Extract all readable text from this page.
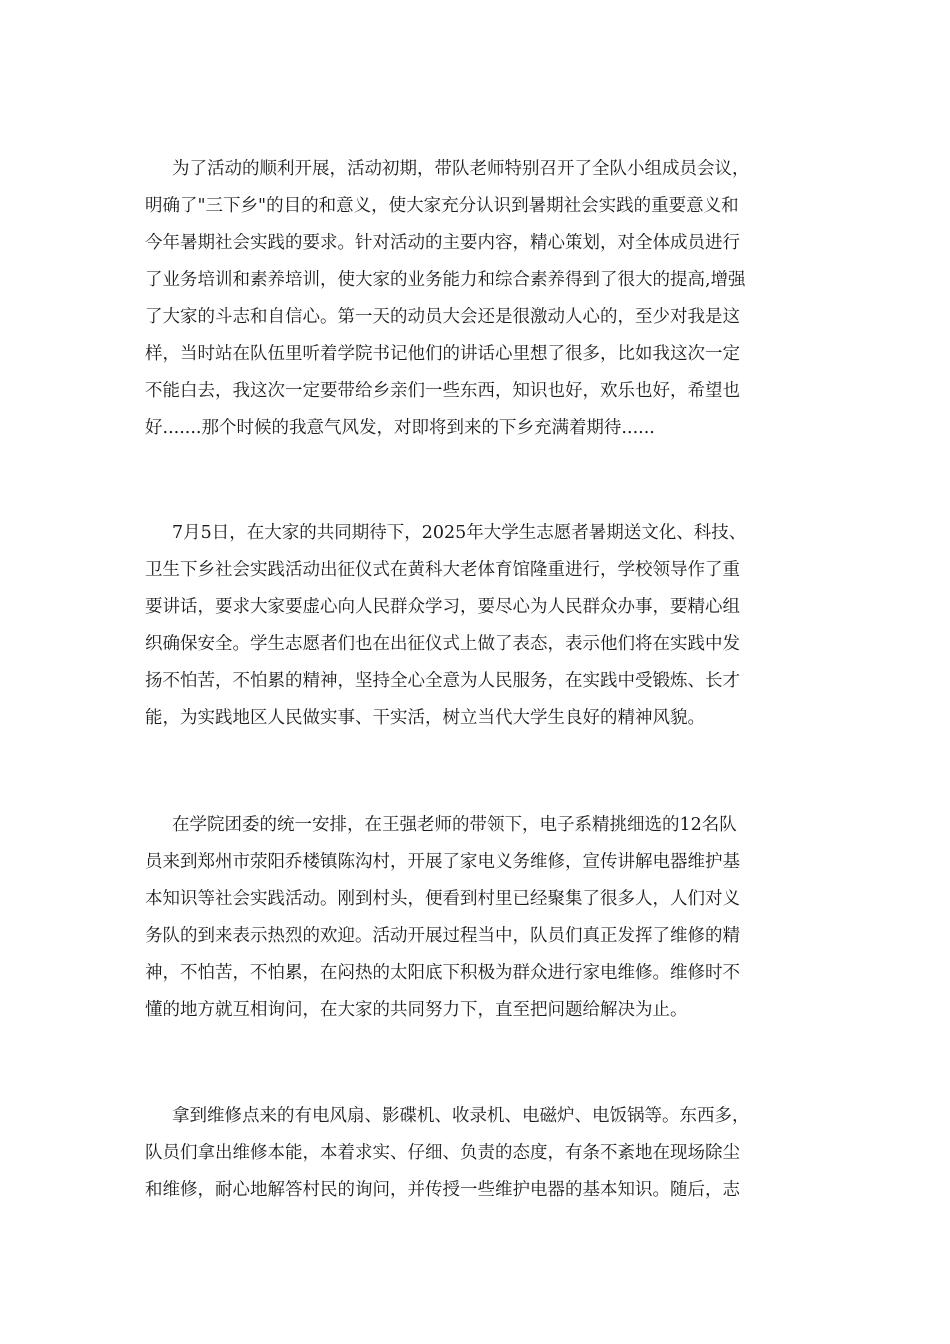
为了活动的顺利开展，活动初期，带队老师特别召开了全队小组成员会议，
明确了"三下乡"的目的和意义，使大家充分认识到暑期社会实践的重要意义和
今年暑期社会实践的要求。针对活动的主要内容，精心策划，对全体成员进行
了业务培训和素养培训，使大家的业务能力和综合素养得到了很大的提高,增强
了大家的斗志和自信心。第一天的动员大会还是很激动人心的，至少对我是这
样，当时站在队伍里听着学院书记他们的讲话心里想了很多，比如我这次一定
不能白去，我这次一定要带给乡亲们一些东西，知识也好，欢乐也好，希望也
好.......那个时候的我意气风发，对即将到来的下乡充满着期待......
7月5日，在大家的共同期待下，2025年大学生志愿者暑期送文化、科技、
卫生下乡社会实践活动出征仪式在黄科大老体育馆隆重进行，学校领导作了重
要讲话，要求大家要虚心向人民群众学习，要尽心为人民群众办事，要精心组
织确保安全。学生志愿者们也在出征仪式上做了表态，表示他们将在实践中发
扬不怕苦，不怕累的精神，坚持全心全意为人民服务，在实践中受锻炼、长才
能，为实践地区人民做实事、干实活，树立当代大学生良好的精神风貌。
在学院团委的统一安排，在王强老师的带领下，电子系精挑细选的12名队
员来到郑州市荥阳乔楼镇陈沟村，开展了家电义务维修，宣传讲解电器维护基
本知识等社会实践活动。刚到村头，便看到村里已经聚集了很多人，人们对义
务队的到来表示热烈的欢迎。活动开展过程当中，队员们真正发挥了维修的精
神，不怕苦，不怕累，在闷热的太阳底下积极为群众进行家电维修。维修时不
懂的地方就互相询问，在大家的共同努力下，直至把问题给解决为止。
拿到维修点来的有电风扇、影碟机、收录机、电磁炉、电饭锅等。东西多，
队员们拿出维修本能，本着求实、仔细、负责的态度，有条不紊地在现场除尘
和维修，耐心地解答村民的询问，并传授一些维护电器的基本知识。随后，志
